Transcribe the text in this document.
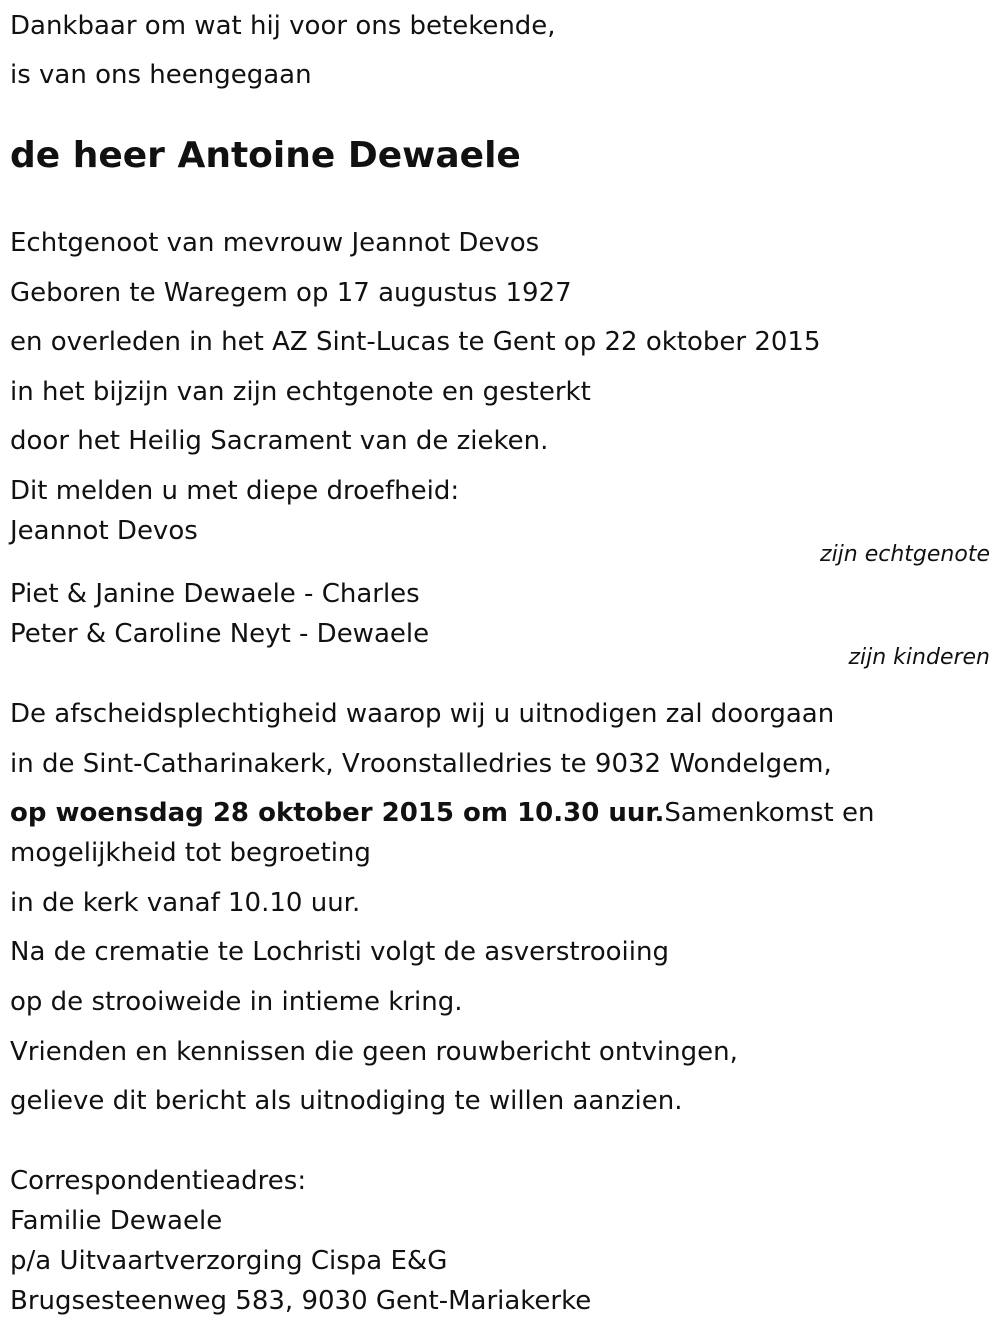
Dankbaar om wat hij voor ons betekende,
is van ons heengegaan
de heer Antoine Dewaele
Echtgenoot van mevrouw Jeannot Devos
Geboren te Waregem op 17 augustus 1927
en overleden in het AZ Sint-Lucas te Gent op 22 oktober 2015
in het bijzijn van zijn echtgenote en gesterkt
door het Heilig Sacrament van de zieken.
Dit melden u met diepe droefheid:
Jeannot Devos
zijn echtgenote
Piet & Janine Dewaele - Charles
Peter & Caroline Neyt - Dewaele
zijn kinderen
De afscheidsplechtigheid waarop wij u uitnodigen zal doorgaan
in de Sint-Catharinakerk, Vroonstalledries te 9032 Wondelgem,
op woensdag 28 oktober 2015 om 10.30 uur.Samenkomst en
mogelijkheid tot begroeting
in de kerk vanaf 10.10 uur.
Na de crematie te Lochristi volgt de asverstrooiing
op de strooiweide in intieme kring.
Vrienden en kennissen die geen rouwbericht ontvingen,
gelieve dit bericht als uitnodiging te willen aanzien.
Correspondentieadres:
Familie Dewaele
p/a Uitvaartverzorging Cispa E&G
Brugsesteenweg 583, 9030 Gent-Mariakerke
